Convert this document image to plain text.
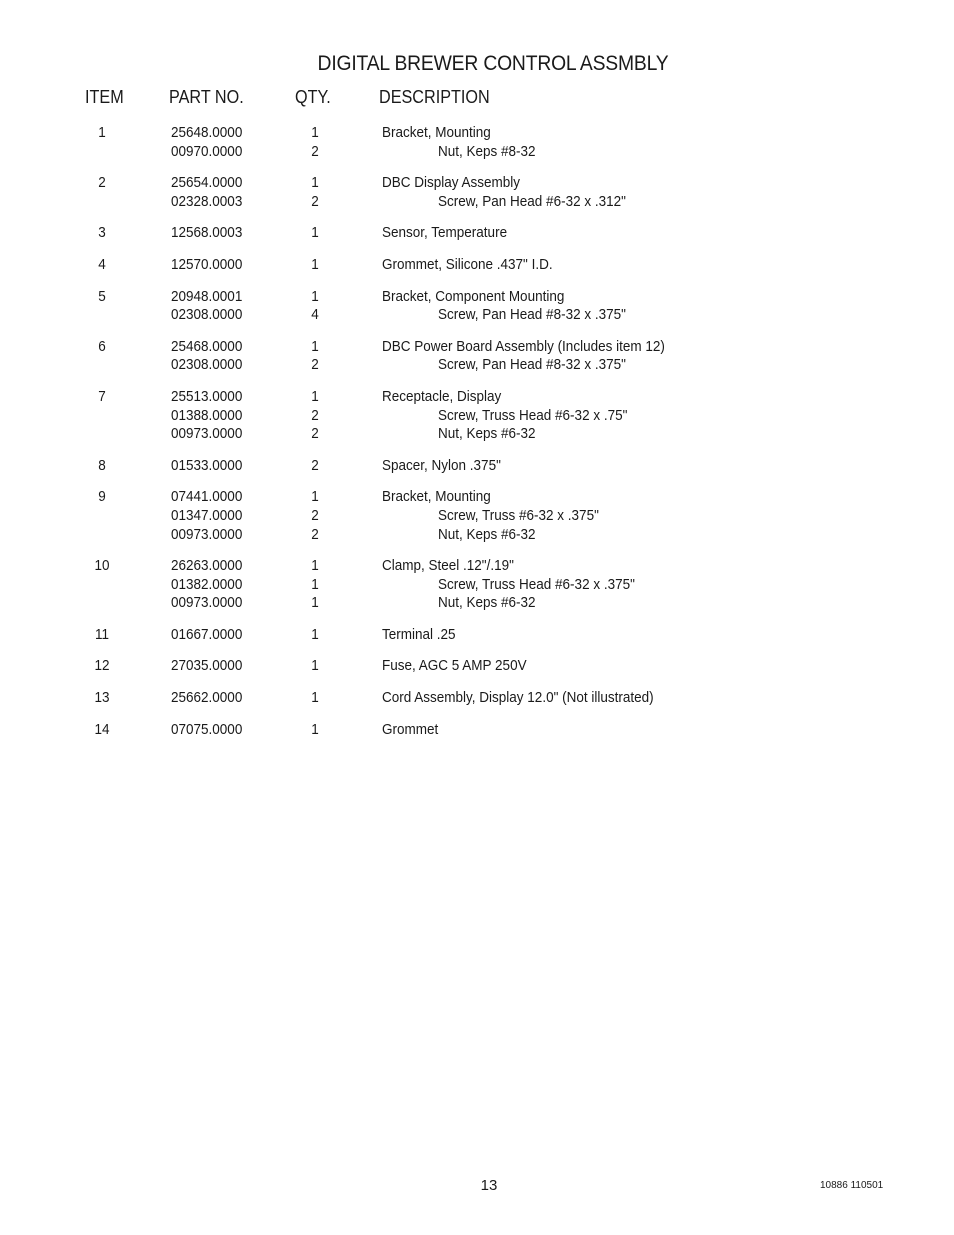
DIGITAL BREWER CONTROL ASSMBLY
ITEM	PART NO.	QTY.	DESCRIPTION
1	25648.0000	1	Bracket, Mounting
00970.0000	2	Nut, Keps #8-32
2	25654.0000	1	DBC Display Assembly
02328.0003	2	Screw, Pan Head #6-32 x .312"
3	12568.0003	1	Sensor, Temperature
4	12570.0000	1	Grommet, Silicone .437" I.D.
5	20948.0001	1	Bracket, Component Mounting
02308.0000	4	Screw, Pan Head #8-32 x .375"
6	25468.0000	1	DBC Power Board Assembly (Includes item 12)
02308.0000	2	Screw, Pan Head #8-32 x .375"
7	25513.0000	1	Receptacle, Display
01388.0000	2	Screw, Truss Head #6-32 x .75"
00973.0000	2	Nut, Keps #6-32
8	01533.0000	2	Spacer, Nylon .375"
9	07441.0000	1	Bracket, Mounting
01347.0000	2	Screw, Truss #6-32 x .375"
00973.0000	2	Nut, Keps #6-32
10	26263.0000	1	Clamp, Steel .12"/.19"
01382.0000	1	Screw, Truss Head #6-32 x .375"
00973.0000	1	Nut, Keps #6-32
11	01667.0000	1	Terminal .25
12	27035.0000	1	Fuse, AGC 5 AMP 250V
13	25662.0000	1	Cord Assembly, Display 12.0" (Not illustrated)
14	07075.0000	1	Grommet
13	10886 110501
